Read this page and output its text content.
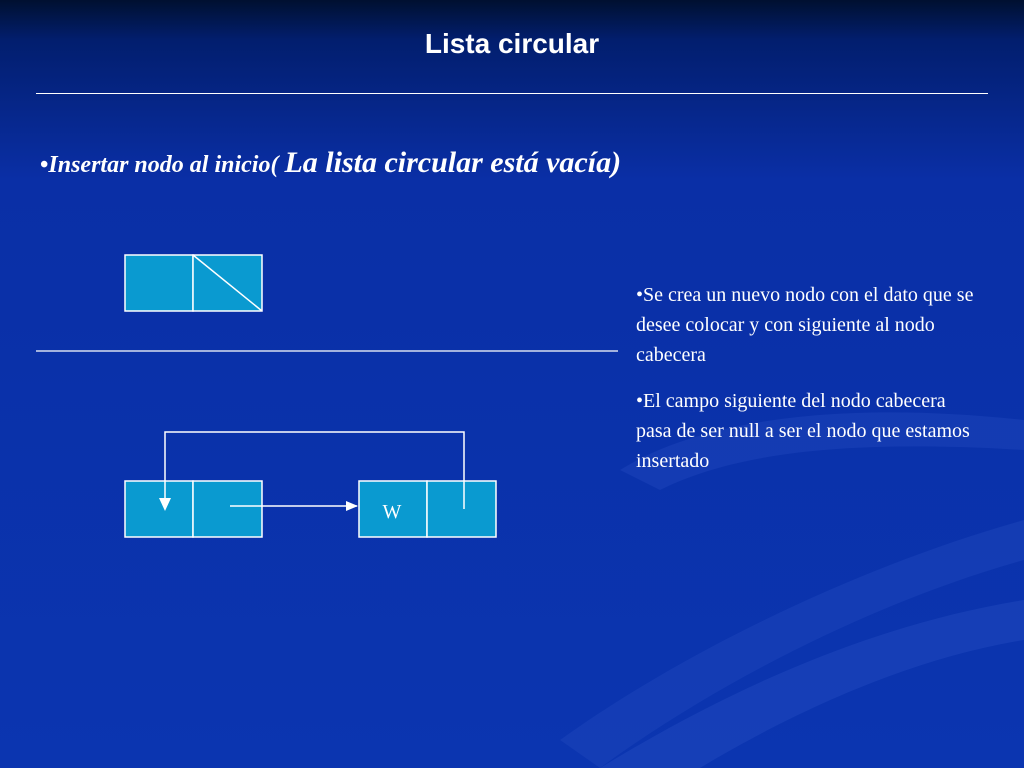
Lista circular
•Insertar nodo al inicio( La lista circular está vacía)
W

•Se crea un nuevo nodo con el dato que se desee colocar y con siguiente al nodo cabecera

•El campo siguiente del nodo cabecera pasa de ser null a ser el nodo que estamos insertado
